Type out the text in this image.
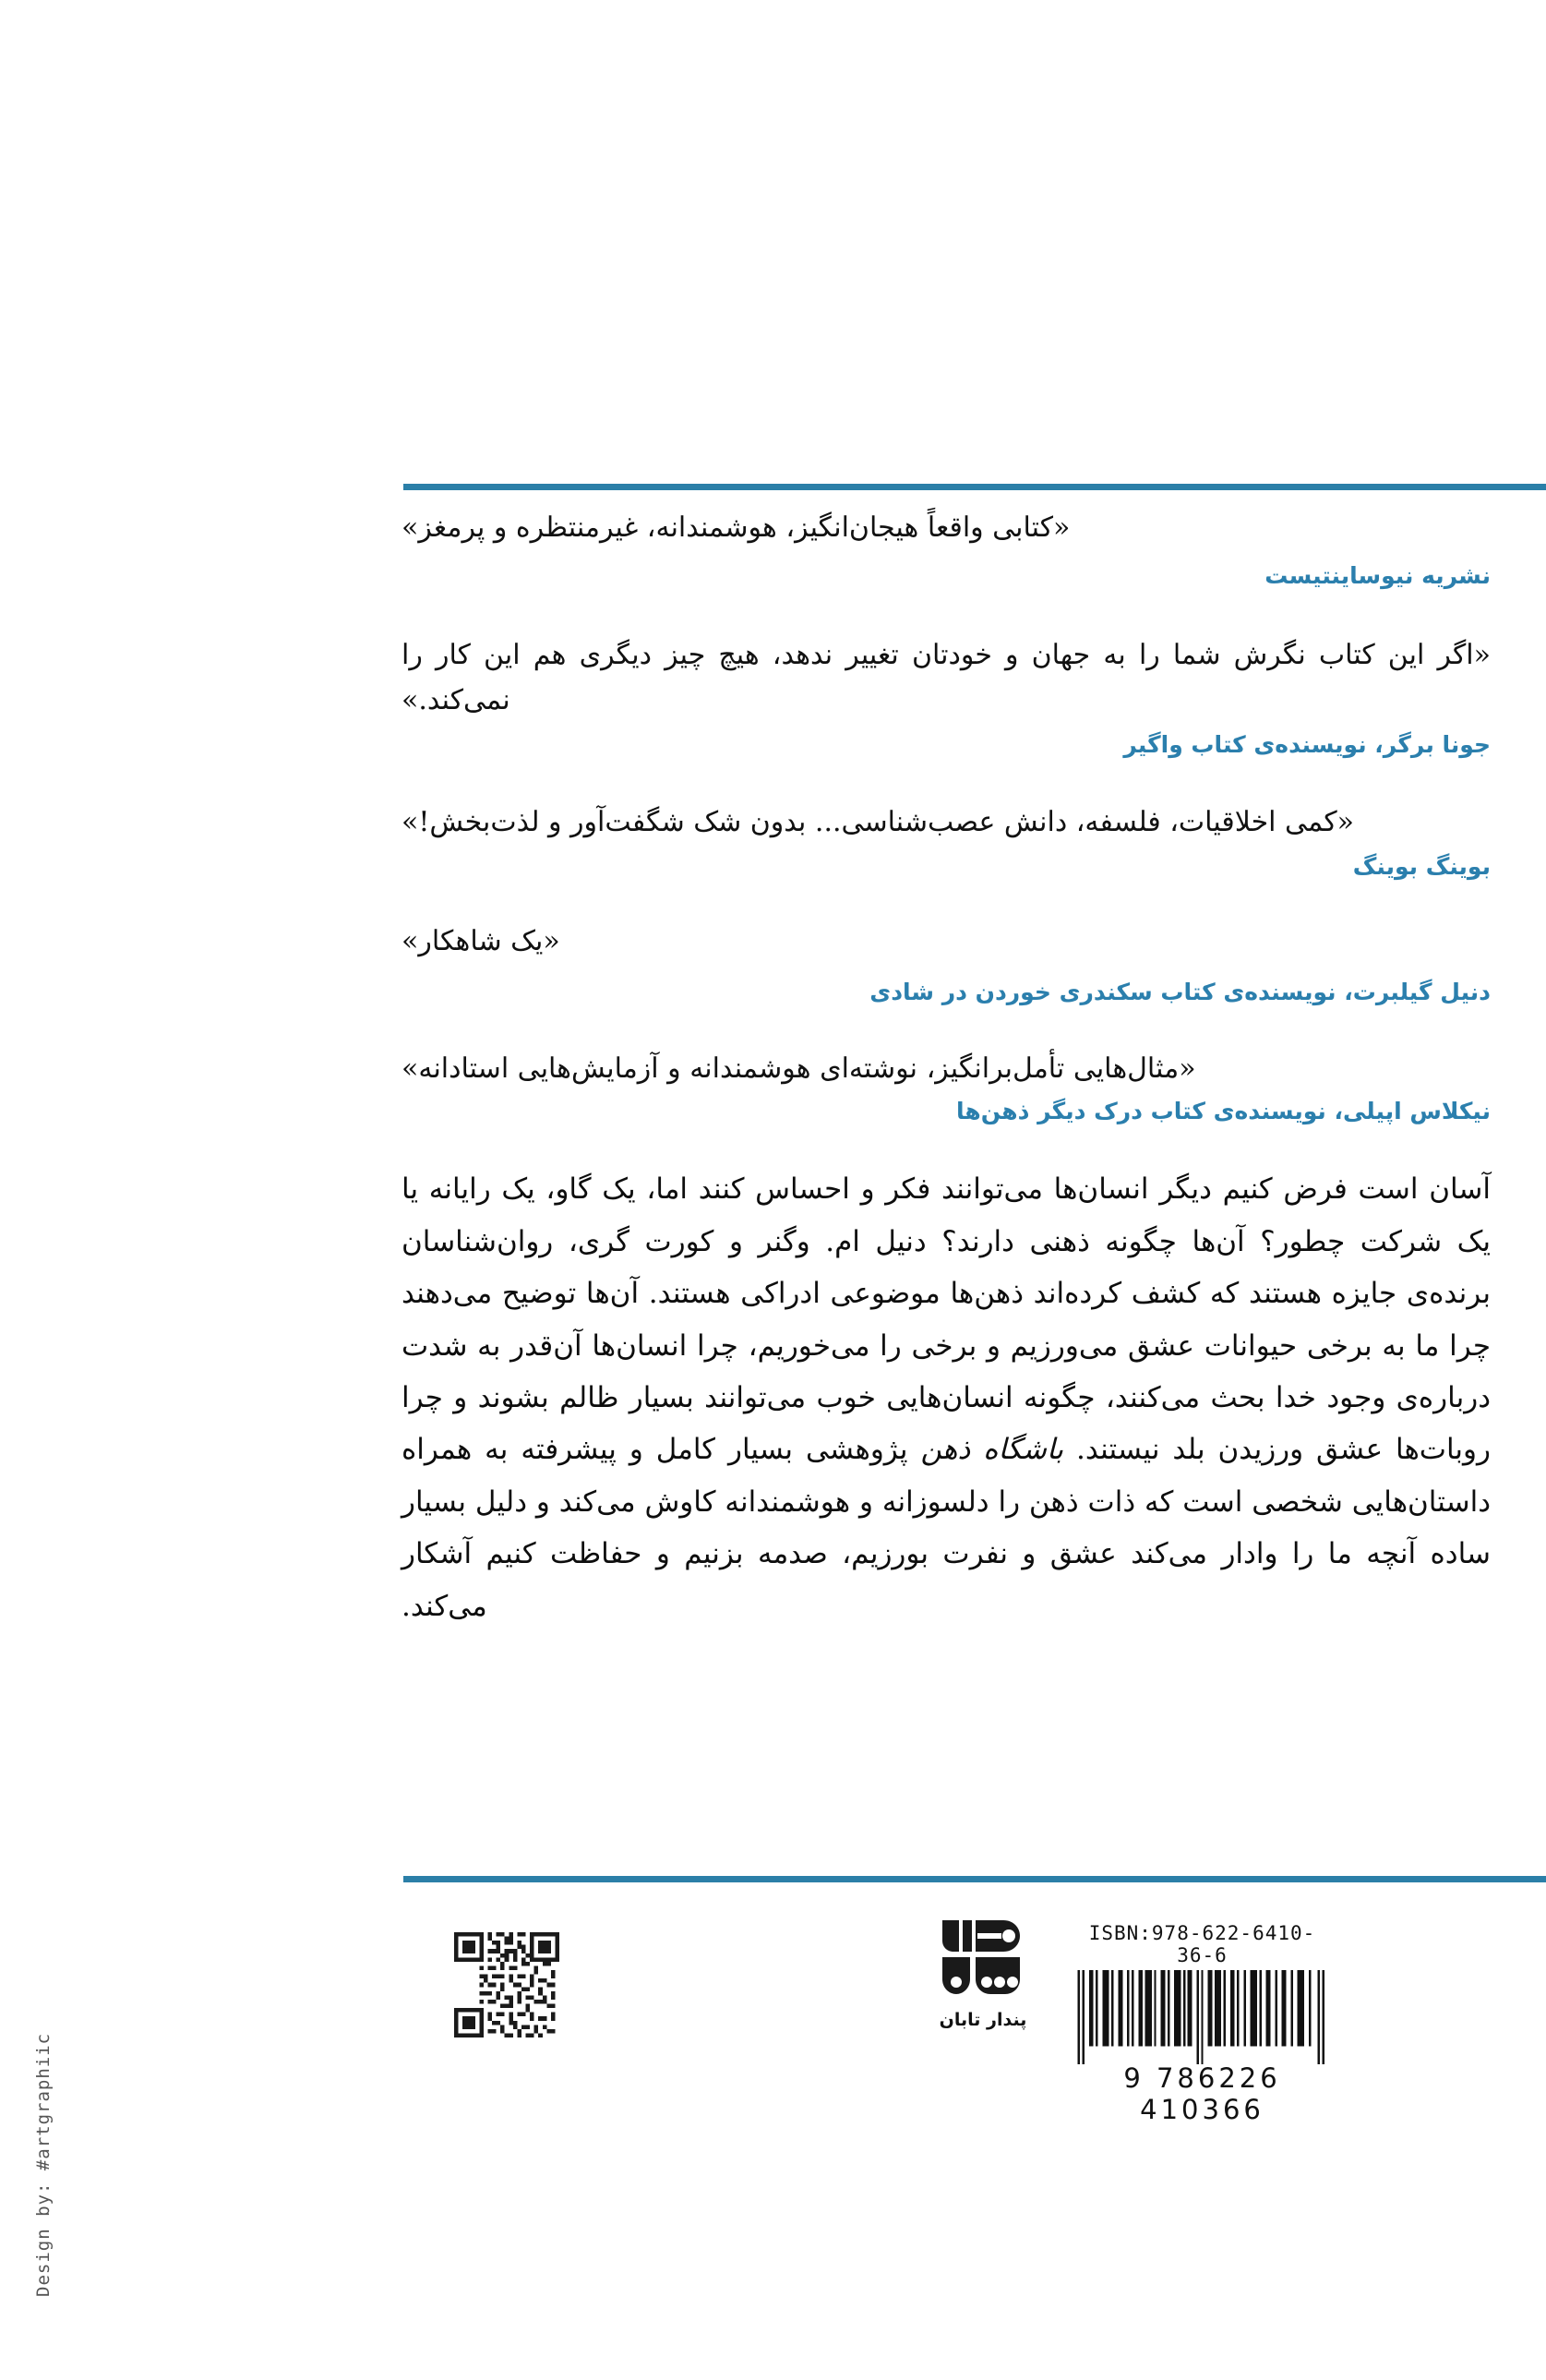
«کتابی واقعاً هیجان‌انگیز، هوشمندانه، غیرمنتظره و پرمغز»

نشریه نیوساینتیست

«اگر این کتاب نگرش شما را به جهان و خودتان تغییر ندهد، هیچ چیز دیگری هم این کار را نمی‌کند.»

جونا برگر، نویسنده‌ی کتاب واگیر

«کمی اخلاقیات، فلسفه، دانش عصب‌شناسی... بدون شک شگفت‌آور و لذت‌بخش!»

بوینگ بوینگ

«یک شاهکار»

دنیل گیلبرت، نویسنده‌ی کتاب سکندری خوردن در شادی

«مثال‌هایی تأمل‌برانگیز، نوشته‌ای هوشمندانه و آزمایش‌هایی استادانه»

نیکلاس اپیلی، نویسنده‌ی کتاب درک دیگر ذهن‌ها

آسان است فرض کنیم دیگر انسان‌ها می‌توانند فکر و احساس کنند اما، یک گاو، یک رایانه یا یک شرکت چطور؟ آن‌ها چگونه ذهنی دارند؟ دنیل ام. وگنر و کورت گری، روان‌شناسان برنده‌ی جایزه هستند که کشف کرده‌اند ذهن‌ها موضوعی ادراکی هستند. آن‌ها توضیح می‌دهند چرا ما به برخی حیوانات عشق می‌ورزیم و برخی را می‌خوریم، چرا انسان‌ها آن‌قدر به شدت درباره‌ی وجود خدا بحث می‌کنند، چگونه انسان‌هایی خوب می‌توانند بسیار ظالم بشوند و چرا روبات‌ها عشق ورزیدن بلد نیستند. باشگاه ذهن پژوهشی بسیار کامل و پیشرفته به همراه داستان‌هایی شخصی است که ذات ذهن را دلسوزانه و هوشمندانه کاوش می‌کند و دلیل بسیار ساده آنچه ما را وادار می‌کند عشق و نفرت بورزیم، صدمه بزنیم و حفاظت کنیم آشکار می‌کند.

پندار تابان
ISBN:978-622-6410-36-6
9 786226 410366
Design by: #artgraphiic
